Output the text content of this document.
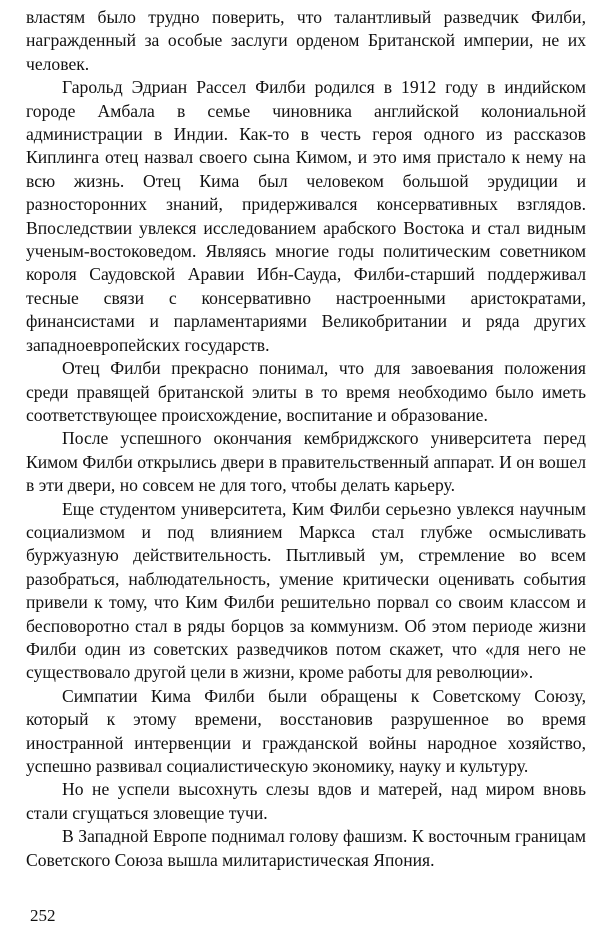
властям было трудно поверить, что талантливый разведчик Филби, награжденный за особые заслуги орденом Британской империи, не их человек.

Гарольд Эдриан Рассел Филби родился в 1912 году в индийском городе Амбала в семье чиновника английской колониальной администрации в Индии. Как-то в честь героя одного из рассказов Киплинга отец назвал своего сына Кимом, и это имя пристало к нему на всю жизнь. Отец Кима был человеком большой эрудиции и разносторонних знаний, придерживался консервативных взглядов. Впоследствии увлекся исследованием арабского Востока и стал видным ученым-востоковедом. Являясь многие годы политическим советником короля Саудовской Аравии Ибн-Сауда, Филби-старший поддерживал тесные связи с консервативно настроенными аристократами, финансистами и парламентариями Великобритании и ряда других западноевропейских государств.

Отец Филби прекрасно понимал, что для завоевания положения среди правящей британской элиты в то время необходимо было иметь соответствующее происхождение, воспитание и образование.

После успешного окончания кембриджского университета перед Кимом Филби открылись двери в правительственный аппарат. И он вошел в эти двери, но совсем не для того, чтобы делать карьеру.

Еще студентом университета, Ким Филби серьезно увлекся научным социализмом и под влиянием Маркса стал глубже осмысливать буржуазную действительность. Пытливый ум, стремление во всем разобраться, наблюдательность, умение критически оценивать события привели к тому, что Ким Филби решительно порвал со своим классом и бесповоротно стал в ряды борцов за коммунизм. Об этом периоде жизни Филби один из советских разведчиков потом скажет, что «для него не существовало другой цели в жизни, кроме работы для революции».

Симпатии Кима Филби были обращены к Советскому Союзу, который к этому времени, восстановив разрушенное во время иностранной интервенции и гражданской войны народное хозяйство, успешно развивал социалистическую экономику, науку и культуру.

Но не успели высохнуть слезы вдов и матерей, над миром вновь стали сгущаться зловещие тучи.

В Западной Европе поднимал голову фашизм. К восточным границам Советского Союза вышла милитаристическая Япония.

252
